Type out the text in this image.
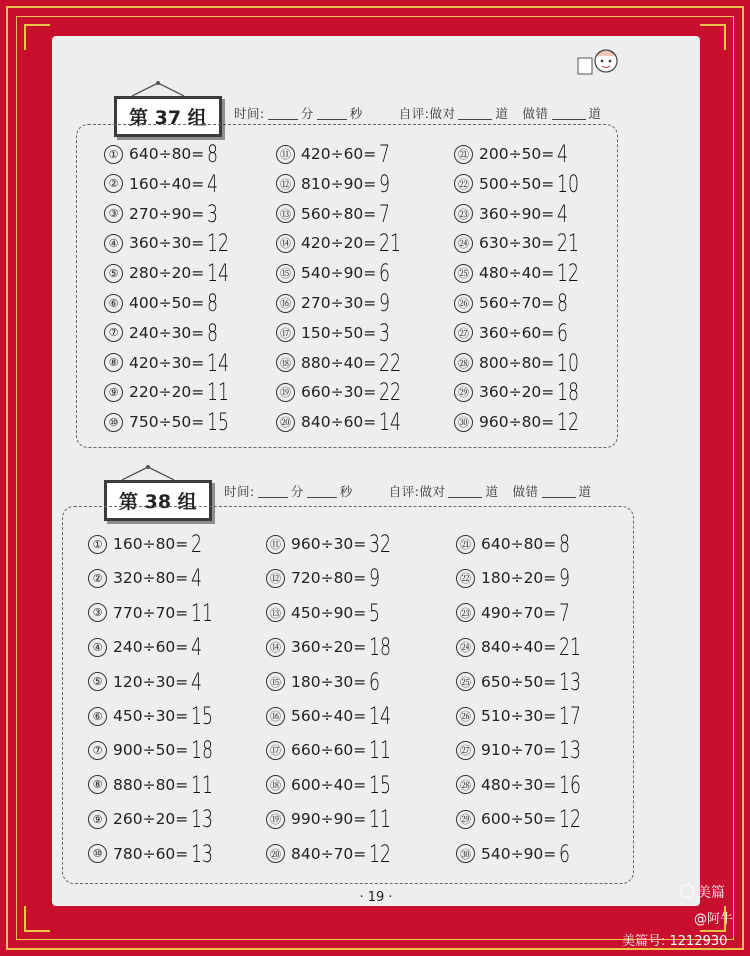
第 37 组	时间:	分	秒	自评:做对	道 做错	道
① 640÷80= 8
② 160÷40= 4
③ 270÷90= 3
④ 360÷30= 12
⑤ 280÷20= 14
⑥ 400÷50= 8
⑦ 240÷30= 8
⑧ 420÷30= 14
⑨ 220÷20= 11
⑩ 750÷50= 15
⑪ 420÷60= 7
⑫ 810÷90= 9
⑬ 560÷80= 7
⑭ 420÷20= 21
⑮ 540÷90= 6
⑯ 270÷30= 9
⑰ 150÷50= 3
⑱ 880÷40= 22
⑲ 660÷30= 22
⑳ 840÷60= 14
㉑ 200÷50= 4
㉒ 500÷50= 10
㉓ 360÷90= 4
㉔ 630÷30= 21
㉕ 480÷40= 12
㉖ 560÷70= 8
㉗ 360÷60= 6
㉘ 800÷80= 10
㉙ 360÷20= 18
㉚ 960÷80= 12
第 38 组	时间:	分	秒	自评:做对	道 做错	道
① 160÷80= 2
② 320÷80= 4
③ 770÷70= 11
④ 240÷60= 4
⑤ 120÷30= 4
⑥ 450÷30= 15
⑦ 900÷50= 18
⑧ 880÷80= 11
⑨ 260÷20= 13
⑩ 780÷60= 13
⑪ 960÷30= 32
⑫ 720÷80= 9
⑬ 450÷90= 5
⑭ 360÷20= 18
⑮ 180÷30= 6
⑯ 560÷40= 14
⑰ 660÷60= 11
⑱ 600÷40= 15
⑲ 990÷90= 11
⑳ 840÷70= 12
㉑ 640÷80= 8
㉒ 180÷20= 9
㉓ 490÷70= 7
㉔ 840÷40= 21
㉕ 650÷50= 13
㉖ 510÷30= 17
㉗ 910÷70= 13
㉘ 480÷30= 16
㉙ 600÷50= 12
㉚ 540÷90= 6
· 19 ·	美篇
@阿牛
美篇号: 1212930
